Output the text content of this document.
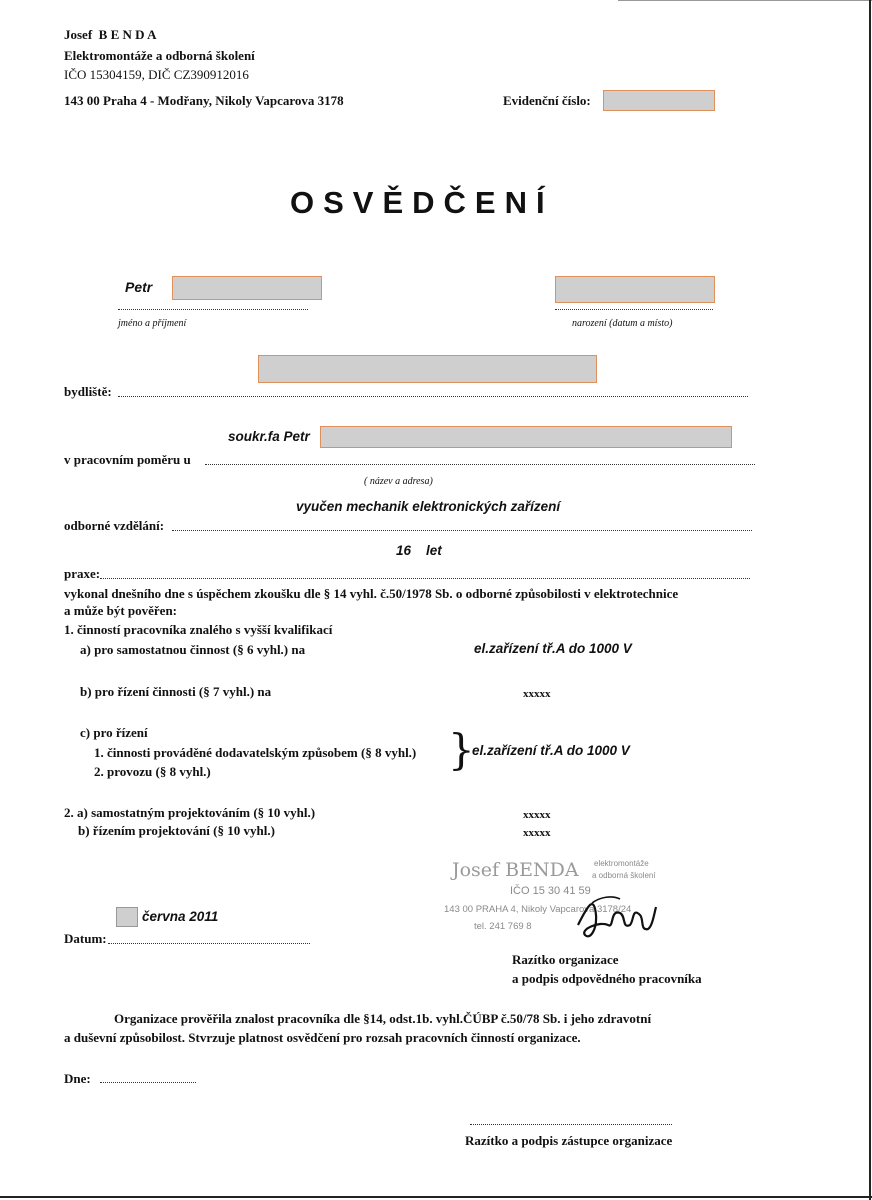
Josef B E N D A
Elektromontáže a odborná školení
IČO 15304159, DIČ CZ390912016
143 00 Praha 4 - Modřany, Nikoly Vapcarova 3178	Evidenční číslo:
OSVĚDČENÍ
Petr
jméno a příjmení	narození (datum a místo)
bydliště:
soukr.fa Petr
v pracovním poměru u
( název a adresa)
vyučen mechanik elektronických zařízení
odborné vzdělání:
16    let
praxe:
vykonal dnešního dne s úspěchem zkoušku dle § 14 vyhl. č.50/1978 Sb. o odborné způsobilosti v elektrotechnice
a může být pověřen:
1. činností pracovníka znalého s vyšší kvalifikací
a) pro samostatnou činnost (§ 6 vyhl.) na	el.zařízení tř.A do 1000 V
b) pro řízení činnosti (§ 7 vyhl.) na	xxxxx
c) pro řízení
1. činnosti prováděné dodavatelským způsobem (§ 8 vyhl.)
2. provozu (§ 8 vyhl.)	}
el.zařízení tř.A do 1000 V
2. a) samostatným projektováním (§ 10 vyhl.)	xxxxx
b) řízením projektování (§ 10 vyhl.)	xxxxx
Josef BENDA elektromontáže
a odborná školení
IČO 15 30 41 59
143 00 PRAHA 4, Nikoly Vapcarova 3178/24
tel. 241 769 8
června 2011
Datum:
Razítko organizace
a podpis odpovědného pracovníka
Organizace prověřila znalost pracovníka dle §14, odst.1b. vyhl.ČÚBP č.50/78 Sb. i jeho zdravotní
a duševní způsobilost. Stvrzuje platnost osvědčení pro rozsah pracovních činností organizace.
Dne:
Razítko a podpis zástupce organizace
